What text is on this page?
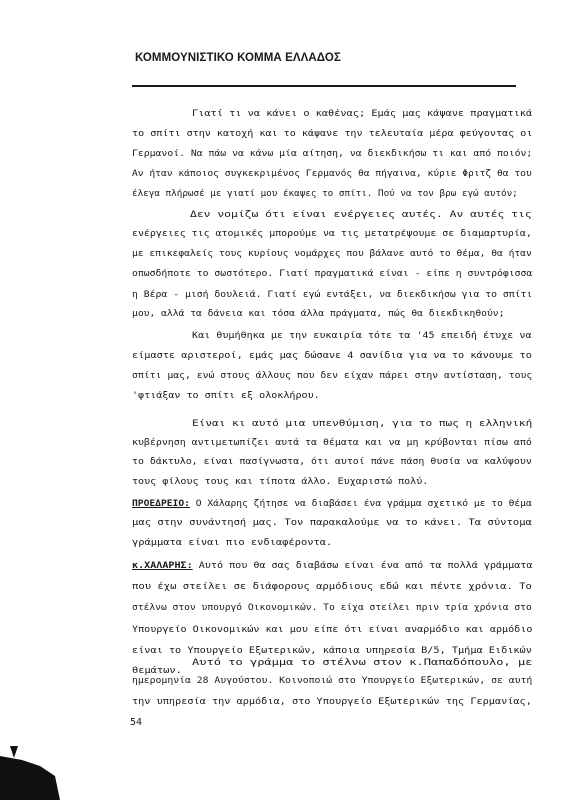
ΚΟΜΜΟΥΝΙΣΤΙΚΟ ΚΟΜΜΑ ΕΛΛΑΔΟΣ
Γιατί τι να κάνει ο καθένας; Εμάς μας κάψανε πραγματικά
το σπίτι στην κατοχή και το κάψανε την τελευταία μέρα φεύγοντας οι
Γερμανοί. Να πάω να κάνω μία αίτηση, να διεκδικήσω τι και από ποιόν;
Αν ήταν κάποιος συγκεκριμένος Γερμανός θα πήγαινα, κύριε Φριτζ θα του
έλεγα πλήρωσέ με γιατί μου έκαψες το σπίτι. Πού να τον βρω εγώ αυτόν;
Δεν νομίζω ότι είναι ενέργειες αυτές. Αν αυτές τις
ενέργειες τις ατομικές μπορούμε να τις μετατρέψουμε σε διαμαρτυρία,
με επικεφαλείς τους κυρίους νομάρχες που βάλανε αυτό το θέμα, θα ήταν
οπωσδήποτε το σωστότερο. Γιατί πραγματικά είναι - είπε η συντρόφισσα
η Βέρα - μισή δουλειά. Γιατί εγώ εντάξει, να διεκδικήσω για το σπίτι
μου, αλλά τα δάνεια και τόσα άλλα πράγματα, πώς θα διεκδικηθούν;
Και θυμήθηκα με την ευκαιρία τότε τα '45 επειδή έτυχε να
είμαστε αριστεροί, εμάς μας δώσανε 4 σανίδια για να το κάνουμε το
σπίτι μας, ενώ στους άλλους που δεν είχαν πάρει στην αντίσταση, τους
'φτιάξαν το σπίτι εξ ολοκλήρου.
Είναι κι αυτό μια υπενθύμιση, για το πως η ελληνική
κυβέρνηση αντιμετωπίζει αυτά τα θέματα και να μη κρύβονται πίσω από
το δάκτυλο, είναι πασίγνωστα, ότι αυτοί πάνε πάση θυσία να καλύψουν
τους φίλους τους και τίποτα άλλο. Ευχαριστώ πολύ.
ΠΡΟΕΔΡΕΙΟ: Ο Χάλαρης ζήτησε να διαβάσει ένα γράμμα σχετικό με το θέμα
μας στην συνάντησή μας. Τον παρακαλούμε να το κάνει. Τα σύντομα
γράμματα είναι πιο ενδιαφέροντα.
κ.ΧΑΛΑΡΗΣ: Αυτό που θα σας διαβάσω είναι ένα από τα πολλά γράμματα
που έχω στείλει σε διάφορους αρμόδιους εδώ και πέντε χρόνια. Το
στέλνω στον υπουργό Οικονομικών. Το είχα στείλει πριν τρία χρόνια στο
Υπουργείο Οικονομικών και μου είπε ότι είναι αναρμόδιο και αρμόδιο
είναι το Υπουργείο Εξωτερικών, κάποια υπηρεσία Β/5, Τμήμα Ειδικών
θεμάτων.
Αυτό το γράμμα το στέλνω στον κ.Παπαδόπουλο, με
ημερομηνία 28 Αυγούστου. Κοινοποιώ στο Υπουργείο Εξωτερικών, σε αυτή
την υπηρεσία την αρμόδια, στο Υπουργείο Εξωτερικών της Γερμανίας,
54
